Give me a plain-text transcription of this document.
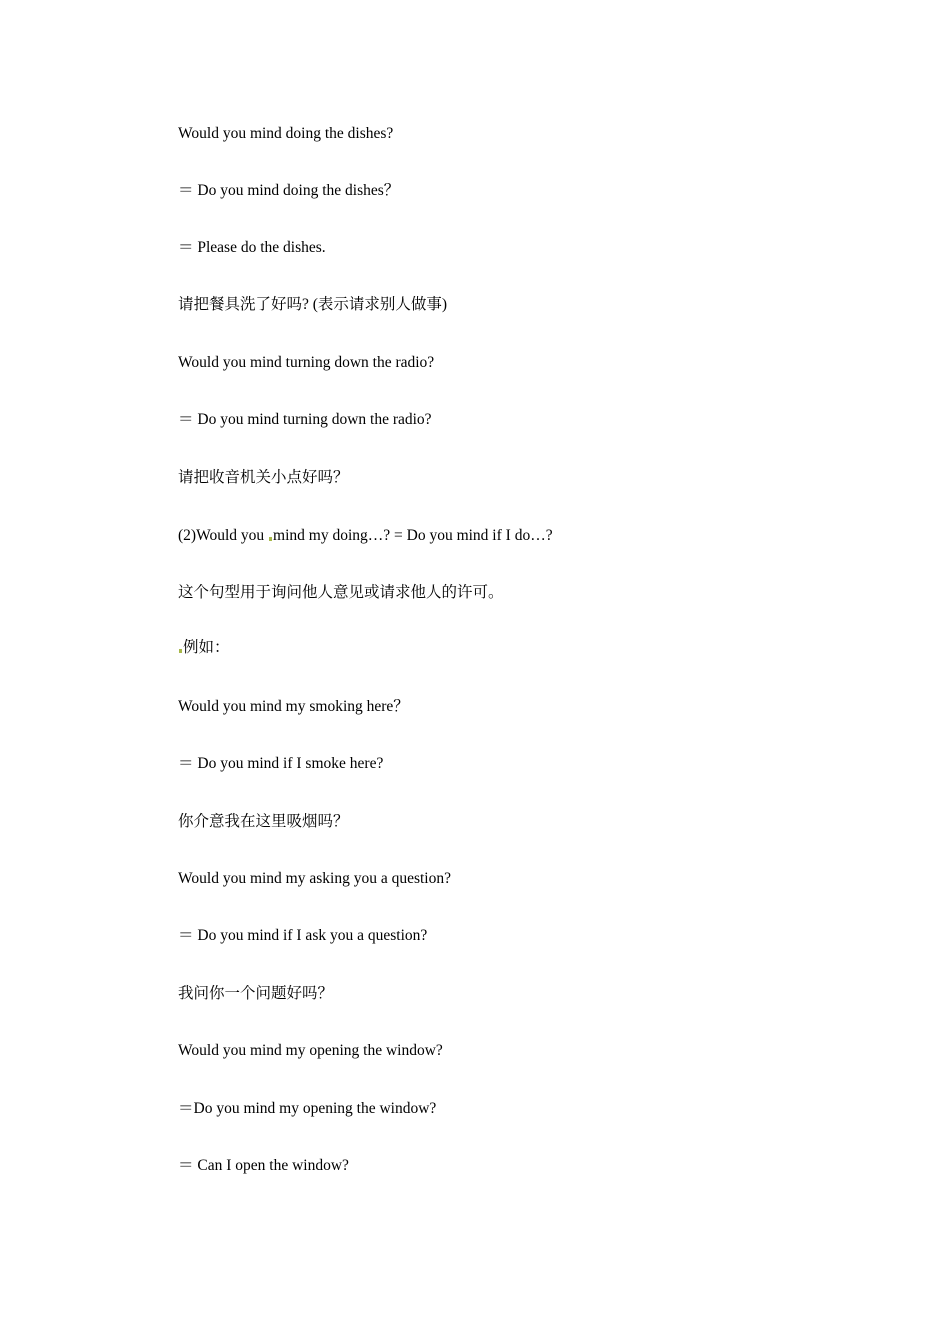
Would you mind doing the dishes?
＝ Do you mind doing the dishes？
＝ Please do the dishes.
请把餐具洗了好吗? (表示请求别人做事)
Would you mind turning down the radio?
＝ Do you mind turning down the radio?
请把收音机关小点好吗？
(2)Would you mind my doing…? = Do you mind if I do…?
这个句型用于询问他人意见或请求他人的许可。
例如：
Would you mind my smoking here？
＝ Do you mind if I smoke here?
你介意我在这里吸烟吗？
Would you mind my asking you a question?
＝ Do you mind if I ask you a question?
我问你一个问题好吗？
Would you mind my opening the window?
＝Do you mind my opening the window?
＝ Can I open the window?
